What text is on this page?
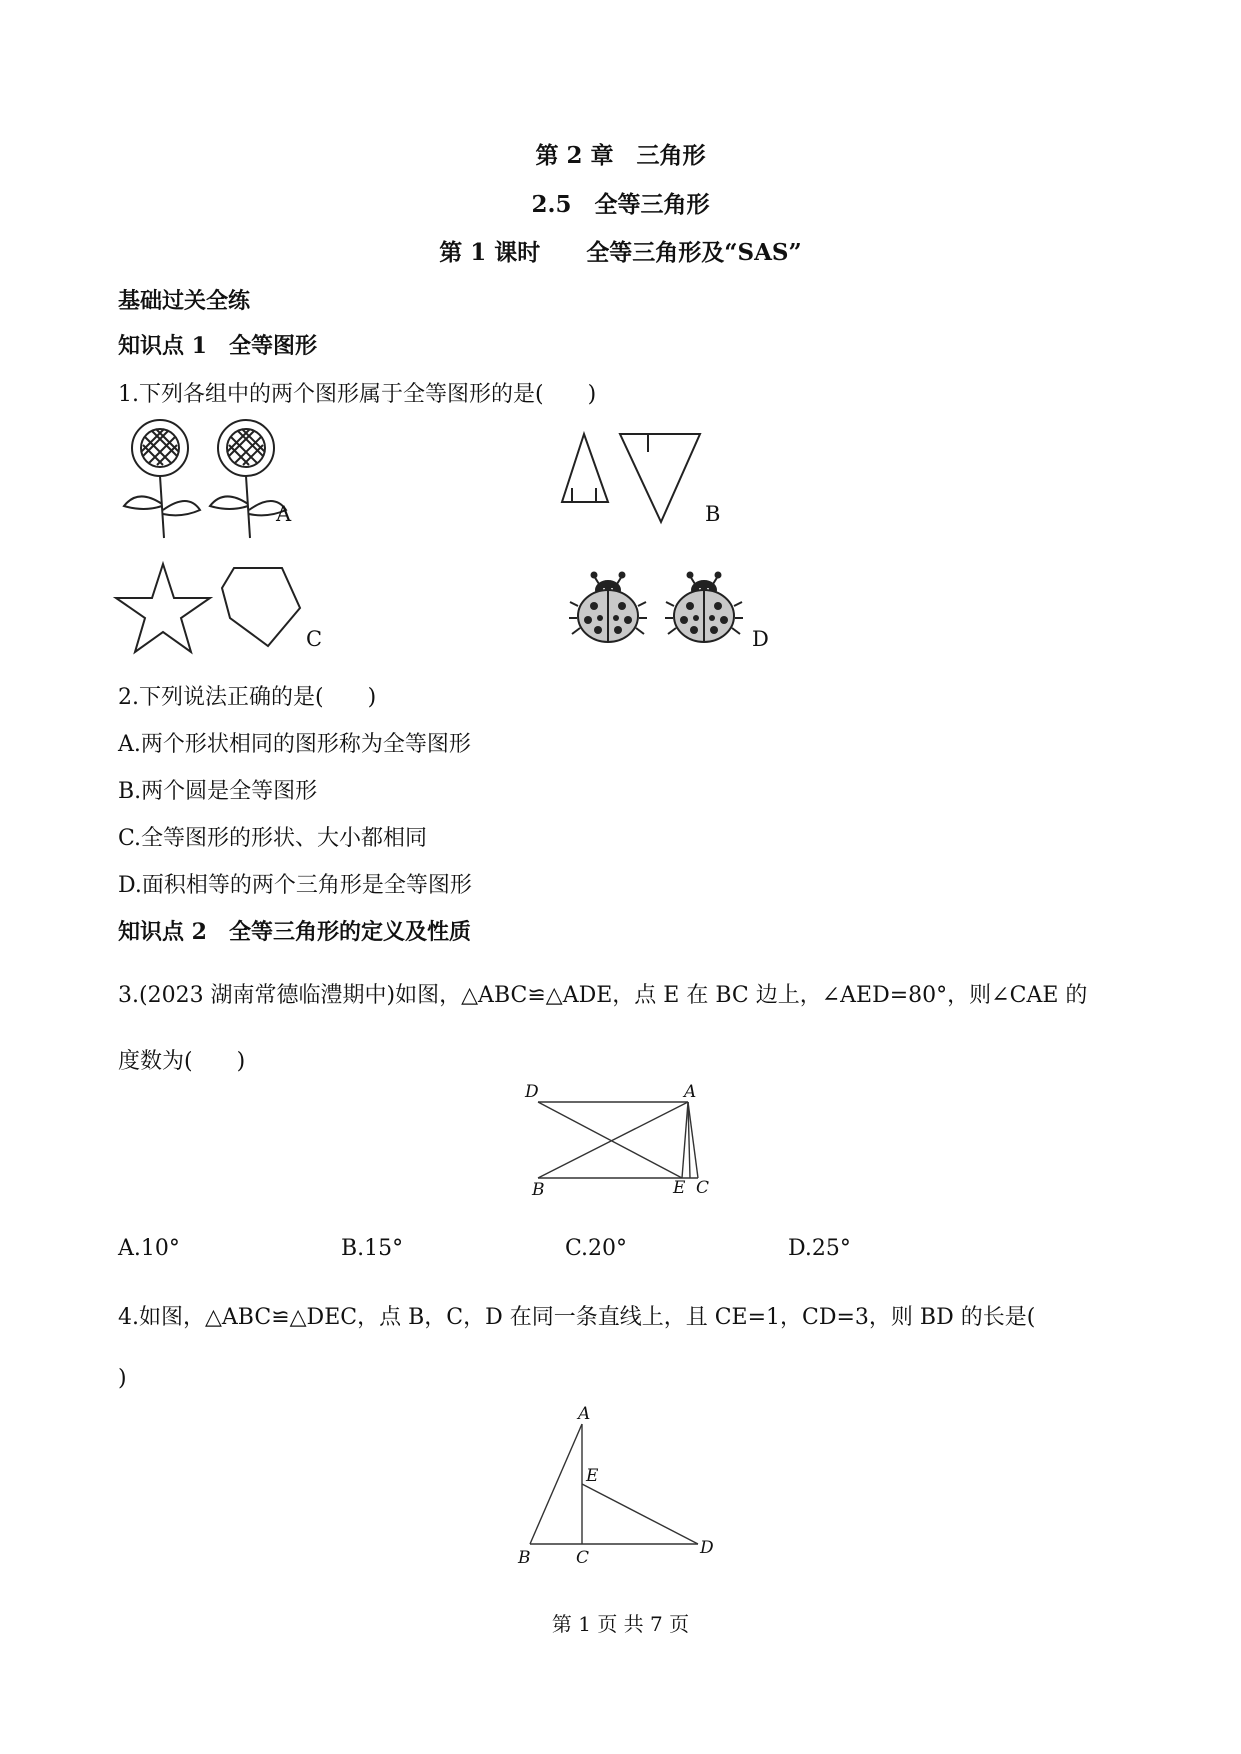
第 2 章　三角形
2.5　全等三角形
第 1 课时　　全等三角形及“SAS”
基础过关全练
知识点 1　全等图形
1.下列各组中的两个图形属于全等图形的是(　　)
A	B
C	D
2.下列说法正确的是(　　)
A.两个形状相同的图形称为全等图形
B.两个圆是全等图形
C.全等图形的形状、大小都相同
D.面积相等的两个三角形是全等图形
知识点 2　全等三角形的定义及性质
3.(2023 湖南常德临澧期中)如图，△ABC≌△ADE，点 E 在 BC 边上，∠AED=80°，则∠CAE 的
度数为(　　)
D	A
B	E C
A.10°	B.15°	C.20°	D.25°
4.如图，△ABC≌△DEC，点 B，C，D 在同一条直线上，且 CE=1，CD=3，则 BD 的长是(
)
A
E
B	C	D
第 1 页 共 7 页
